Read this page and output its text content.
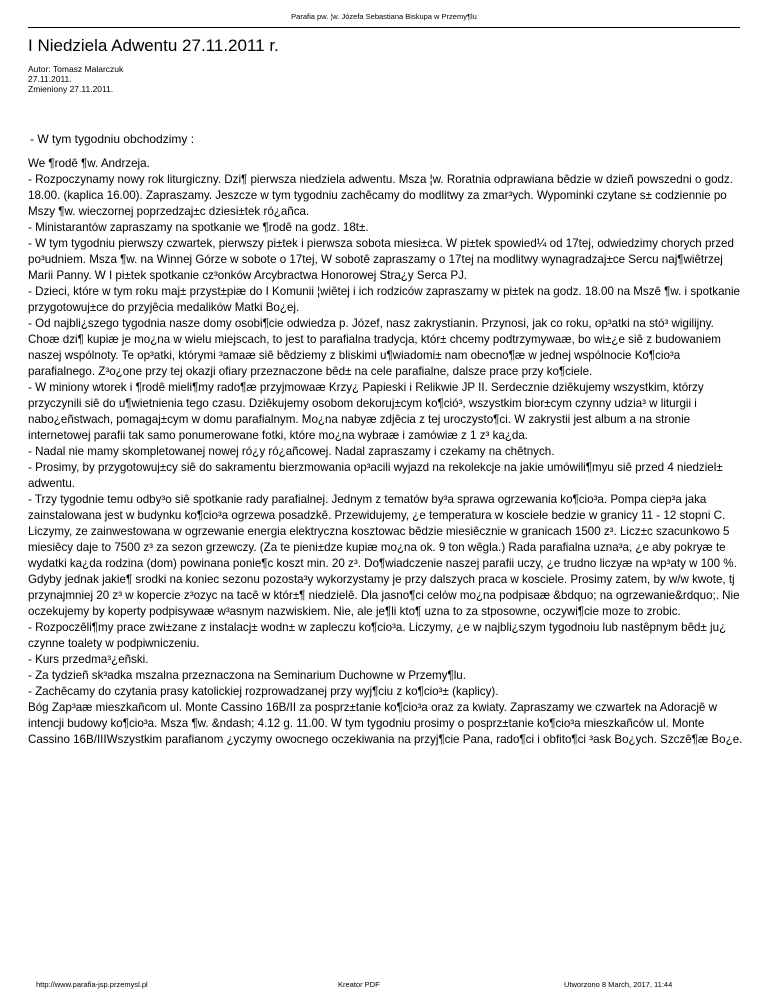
Parafia pw. ¦w. Józefa Sebastiana Biskupa w Przemy¶lu
I Niedziela Adwentu 27.11.2011 r.
Autor: Tomasz Malarczuk
27.11.2011.
Zmieniony 27.11.2011.
- W tym tygodniu obchodzimy :

We ¶rodê ¶w. Andrzeja.

- Rozpoczynamy nowy rok liturgiczny. Dzi¶ pierwsza niedziela adwentu. Msza ¦w. Roratnia odprawiana bêdzie w dzieñ powszedni o godz. 18.00. (kaplica 16.00). Zapraszamy. Jeszcze w tym tygodniu zachêcamy do modlitwy za zmar³ych. Wypominki czytane s± codziennie po Mszy ¶w. wieczornej poprzedzaj±c dziesi±tek ró¿añca.

- Ministarantów zapraszamy na spotkanie we ¶rodê na godz. 18t±.

- W tym tygodniu pierwszy czwartek, pierwszy pi±tek i pierwsza sobota miesi±ca. W pi±tek spowied¼ od 17tej, odwiedzimy chorych przed po³udniem. Msza ¶w. na Winnej Górze w sobote o 17tej, W sobotê zapraszamy o 17tej na modlitwy wynagradzaj±ce Sercu naj¶wiêtrzej Marii Panny. W I pi±tek spotkanie cz³onków Arcybractwa Honorowej Stra¿y Serca PJ.

- Dzieci, które w tym roku maj± przyst±piæ do I Komunii ¦wiêtej i ich rodziców zapraszamy w pi±tek na godz. 18.00 na Mszê ¶w. i spotkanie przygotowuj±ce do przyjêcia medalików Matki Bo¿ej.

- Od najbli¿szego tygodnia nasze domy osobi¶cie odwiedza p. Józef, nasz zakrystianin. Przynosi, jak co roku, op³atki na stó³ wigilijny. Choæ dzi¶ kupiæ je mo¿na w wielu miejscach, to jest to parafialna tradycja, któr± chcemy podtrzymywaæ, bo wi±¿e siê z budowaniem naszej wspólnoty. Te op³atki, którymi ³amaæ siê bêdziemy z bliskimi u¶wiadomi± nam obecno¶æ w jednej wspólnocie Ko¶cio³a parafialnego. Z³o¿one przy tej okazji ofiary przeznaczone bêd± na cele parafialne, dalsze prace przy ko¶ciele.

- W miniony wtorek i ¶rodê mieli¶my rado¶æ przyjmowaæ Krzy¿ Papieski i Relikwie JP II. Serdecznie dziêkujemy wszystkim, którzy przyczynili siê do u¶wietnienia tego czasu. Dziêkujemy osobom dekoruj±cym ko¶ció³, wszystkim bior±cym czynny udzia³ w liturgii i nabo¿eñstwach, pomagaj±cym w domu parafialnym. Mo¿na nabyæ zdjêcia z tej uroczysto¶ci. W zakrystii jest album a na stronie internetowej parafii tak samo ponumerowane fotki, które mo¿na wybraæ i zamówiæ z 1 z³ ka¿da.

- Nadal nie mamy skompletowanej nowej ró¿y ró¿añcowej. Nadal zapraszamy i czekamy na chêtnych.

- Prosimy, by przygotowuj±cy siê do sakramentu bierzmowania op³acili wyjazd na rekolekcje na jakie umówili¶myu siê przed 4 niedziel± adwentu.

- Trzy tygodnie temu odby³o siê spotkanie rady parafialnej. Jednym z tematów by³a sprawa ogrzewania ko¶cio³a. Pompa ciep³a jaka zainstalowana jest w budynku ko¶cio³a ogrzewa posadzkê. Przewidujemy, ¿e temperatura w kosciele bedzie w granicy 11 - 12 stopni C. Liczymy, ze zainwestowana w ogrzewanie energia elektryczna kosztowac bêdzie miesiêcznie w granicach 1500 z³. Licz±c szacunkowo 5 miesiêcy daje to 7500 z³ za sezon grzewczy. (Za te pieni±dze kupiæ mo¿na ok. 9 ton wêgla.) Rada parafialna uzna³a, ¿e aby pokryæ te wydatki ka¿da rodzina (dom) powinana ponie¶c koszt min. 20 z³. Do¶wiadczenie naszej parafii uczy, ¿e trudno liczyæ na wp³aty w 100 %. Gdyby jednak jakie¶ srodki na koniec sezonu pozosta³y wykorzystamy je przy dalszych praca w kosciele. Prosimy zatem, by w/w kwote, tj przynajmniej 20 z³ w kopercie z³ozyc na tacê w któr±¶ niedzielê. Dla jasno¶ci celów mo¿na podpisaæ &bdquo; na ogrzewanie&rdquo;. Nie oczekujemy by koperty podpisywaæ w³asnym nazwiskiem. Nie, ale je¶li kto¶ uzna to za stposowne, oczywi¶cie moze to zrobic.

- Rozpoczêli¶my prace zwi±zane z instalacj± wodn± w zapleczu ko¶cio³a. Liczymy, ¿e w najbli¿szym tygodnoiu lub nastêpnym bêd± ju¿ czynne toalety w podpiwniczeniu.

- Kurs przedma³¿eñski.

- Za tydzieñ sk³adka mszalna przeznaczona na Seminarium Duchowne w Przemy¶lu.

- Zachêcamy do czytania prasy katolickiej rozprowadzanej przy wyj¶ciu z ko¶cio³± (kaplicy).

Bóg Zap³aæ mieszkañcom ul. Monte Cassino 16B/II za posprz±tanie ko¶cio³a oraz za kwiaty. Zapraszamy we czwartek na Adoracjê w intencji budowy ko¶cio³a. Msza ¶w. &ndash; 4.12 g. 11.00. W tym tygodniu prosimy o posprz±tanie ko¶cio³a mieszkañców ul. Monte Cassino 16B/IIIWszystkim parafianom ¿yczymy owocnego oczekiwania na przyj¶cie Pana, rado¶ci i obfito¶ci ³ask Bo¿ych. Szczê¶æ Bo¿e.

http://www.parafia-jsp.przemysl.pl	Kreator PDF	Utworzono 8 March, 2017, 11:44
